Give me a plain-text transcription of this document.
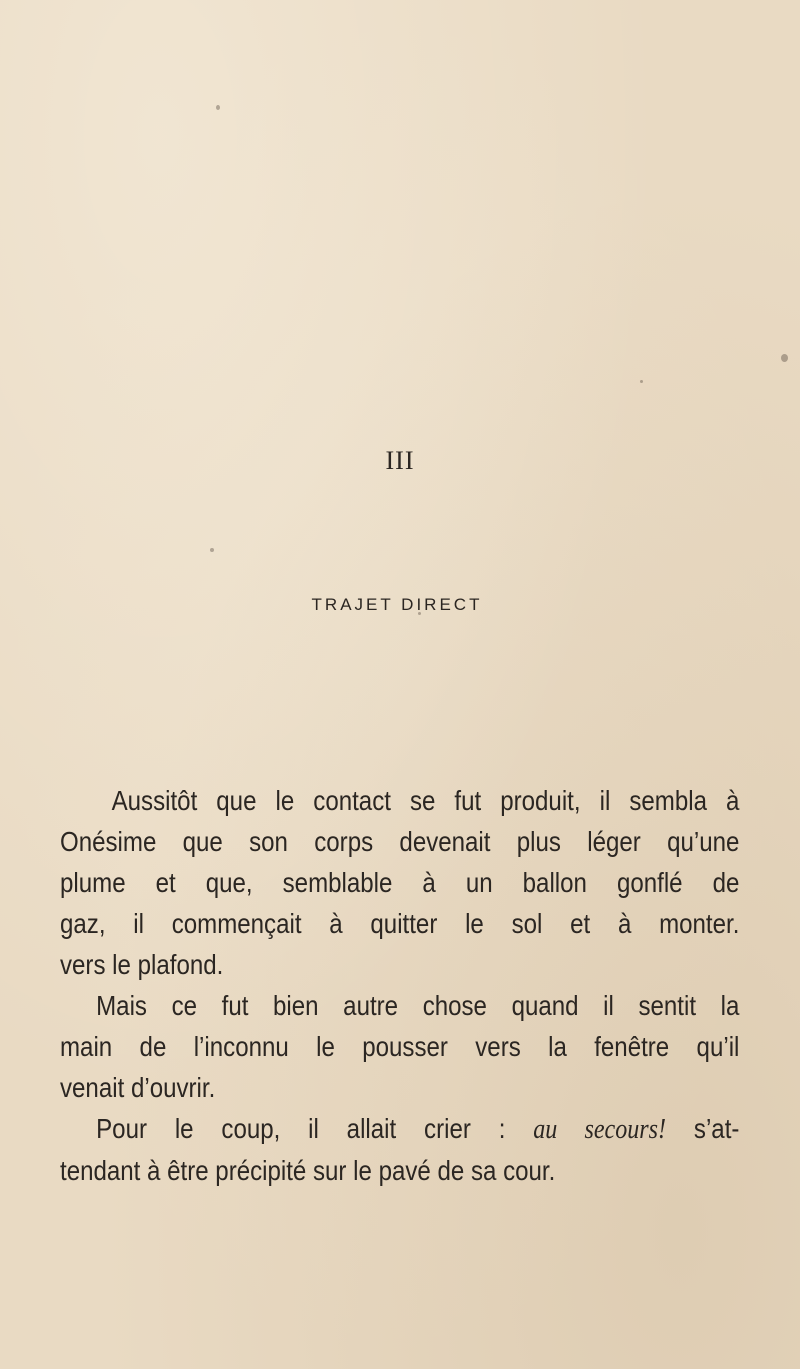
III
TRAJET DIRECT

Aussitôt que le contact se fut produit, il sembla à
Onésime que son corps devenait plus léger qu’une
plume et que, semblable à un ballon gonflé de
gaz, il commençait à quitter le sol et à monter.
vers le plafond.

Mais ce fut bien autre chose quand il sentit la
main de l’inconnu le pousser vers la fenêtre qu’il
venait d’ouvrir.

Pour le coup, il allait crier : au secours! s’at-
tendant à être précipité sur le pavé de sa cour.
